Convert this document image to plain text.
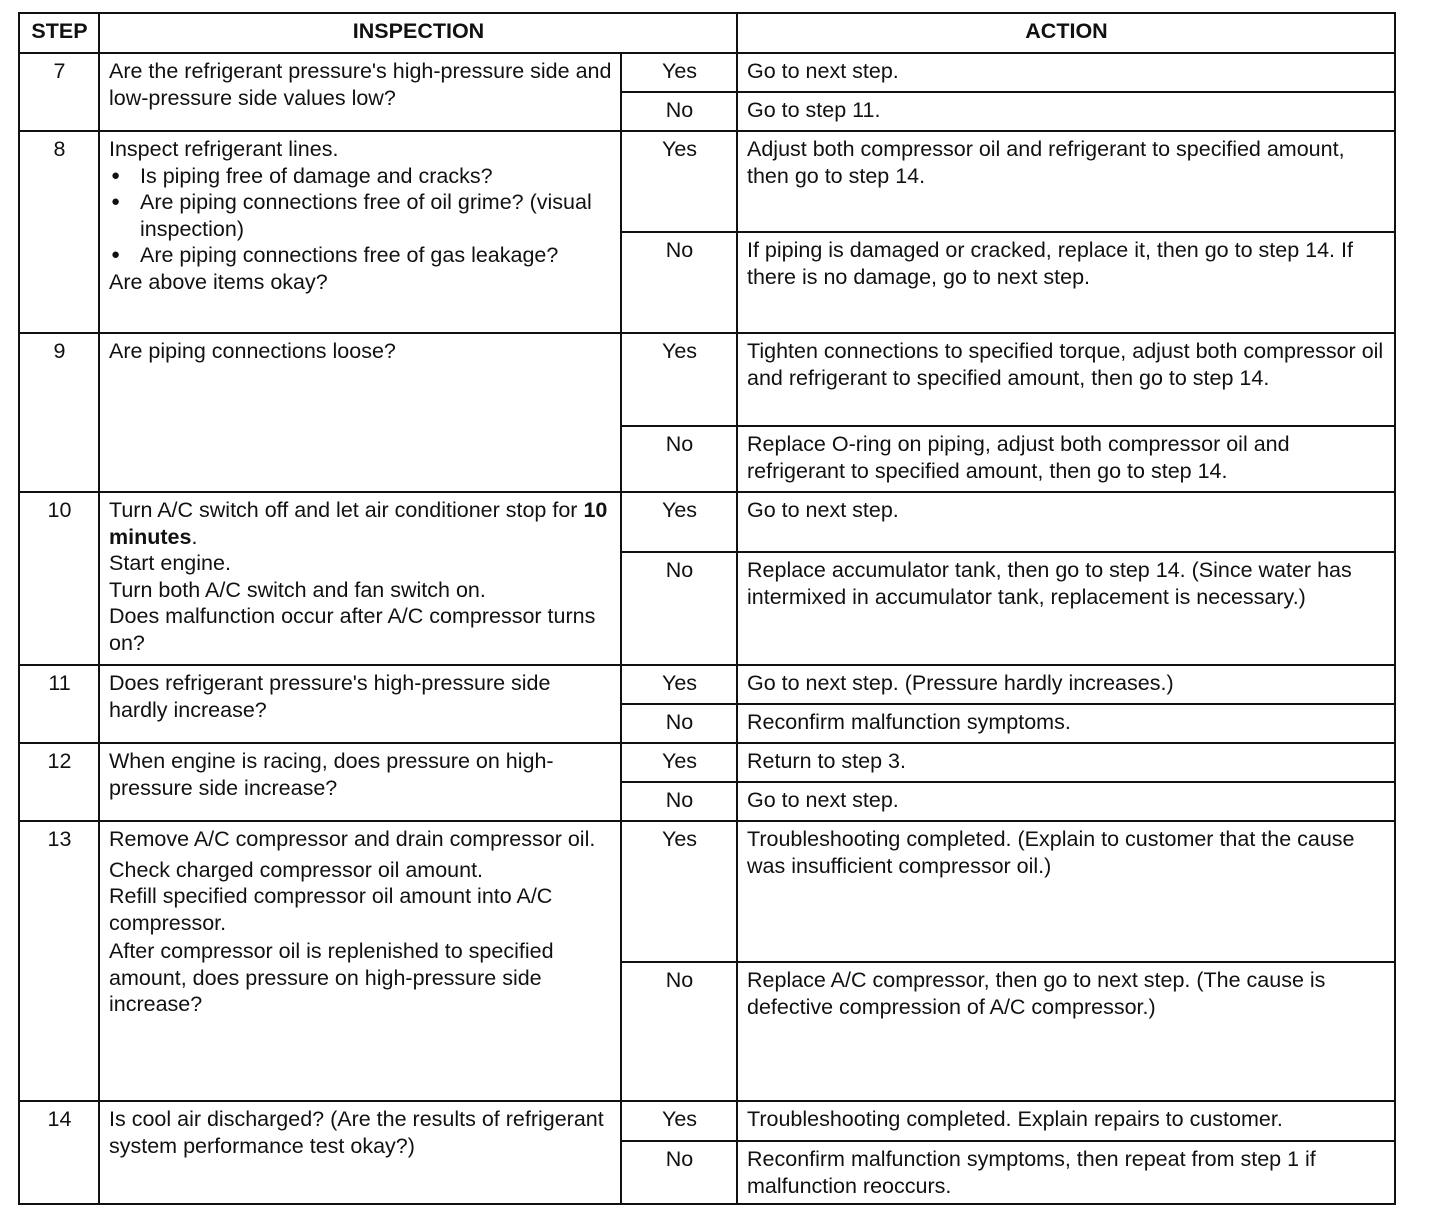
STEP	INSPECTION		ACTION
7	Are the refrigerant pressure's high-pressure side and low-pressure side values low?	Yes	Go to next step.
		No	Go to step 11.
8	Inspect refrigerant lines.
● Is piping free of damage and cracks?
● Are piping connections free of oil grime? (visual inspection)
● Are piping connections free of gas leakage?
Are above items okay?	Yes	Adjust both compressor oil and refrigerant to specified amount, then go to step 14.
		No	If piping is damaged or cracked, replace it, then go to step 14. If there is no damage, go to next step.
9	Are piping connections loose?	Yes	Tighten connections to specified torque, adjust both compressor oil and refrigerant to specified amount, then go to step 14.
		No	Replace O-ring on piping, adjust both compressor oil and refrigerant to specified amount, then go to step 14.
10	Turn A/C switch off and let air conditioner stop for 10 minutes.
Start engine.
Turn both A/C switch and fan switch on.
Does malfunction occur after A/C compressor turns on?	Yes	Go to next step.
		No	Replace accumulator tank, then go to step 14. (Since water has intermixed in accumulator tank, replacement is necessary.)
11	Does refrigerant pressure's high-pressure side hardly increase?	Yes	Go to next step. (Pressure hardly increases.)
		No	Reconfirm malfunction symptoms.
12	When engine is racing, does pressure on high-pressure side increase?	Yes	Return to step 3.
		No	Go to next step.
13	Remove A/C compressor and drain compressor oil.
Check charged compressor oil amount.
Refill specified compressor oil amount into A/C compressor.
After compressor oil is replenished to specified amount, does pressure on high-pressure side increase?	Yes	Troubleshooting completed. (Explain to customer that the cause was insufficient compressor oil.)
		No	Replace A/C compressor, then go to next step. (The cause is defective compression of A/C compressor.)
14	Is cool air discharged? (Are the results of refrigerant system performance test okay?)	Yes	Troubleshooting completed. Explain repairs to customer.
		No	Reconfirm malfunction symptoms, then repeat from step 1 if malfunction reoccurs.
